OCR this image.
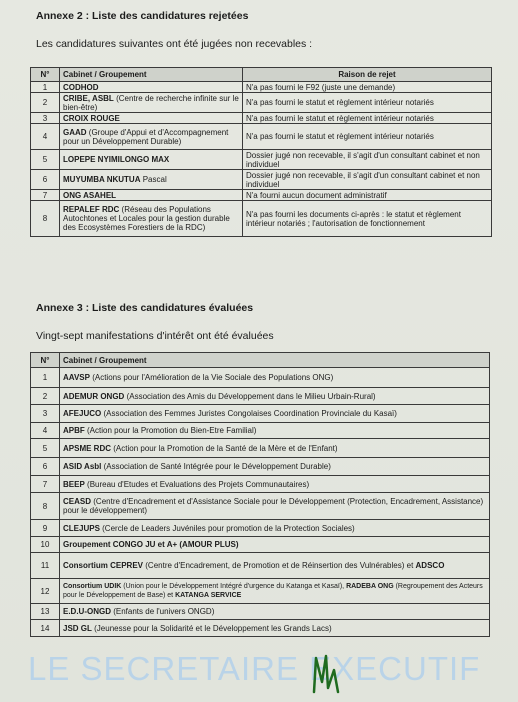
Annexe 2 : Liste des candidatures rejetées
Les candidatures suivantes ont été jugées non recevables :
N°	Cabinet / Groupement	Raison de rejet
1	CODHOD	N'a pas fourni le F92 (juste une demande)
2	CRIBE, ASBL (Centre de recherche infinite sur le bien-être)	N'a pas fourni le statut et règlement intérieur notariés
3	CROIX ROUGE	N'a pas fourni le statut et règlement intérieur notariés
4	GAAD (Groupe d'Appui et d'Accompagnement pour un Développement Durable)	N'a pas fourni le statut et règlement intérieur notariés
5	LOPEPE NYIMILONGO MAX	Dossier jugé non recevable, il s'agit d'un consultant cabinet et non individuel
6	MUYUMBA NKUTUA Pascal	Dossier jugé non recevable, il s'agit d'un consultant cabinet et non individuel
7	ONG ASAHEL	N'a fourni aucun document administratif
8	REPALEF RDC (Réseau des Populations Autochtones et Locales pour la gestion durable des Ecosystèmes Forestiers de la RDC)	N'a pas fourni les documents ci-après : le statut et règlement intérieur notariés ; l'autorisation de fonctionnement
Annexe 3 : Liste des candidatures évaluées
Vingt-sept manifestations d'intérêt ont été évaluées
N°	Cabinet / Groupement
1	AAVSP (Actions pour l'Amélioration de la Vie Sociale des Populations ONG)
2	ADEMUR ONGD (Association des Amis du Développement dans le Milieu Urbain-Rural)
3	AFEJUCO (Association des Femmes Juristes Congolaises Coordination Provinciale du Kasaï)
4	APBF (Action pour la Promotion du Bien-Etre Familial)
5	APSME RDC (Action pour la Promotion de la Santé de la Mère et de l'Enfant)
6	ASID Asbl (Association de Santé Intégrée pour le Développement Durable)
7	BEEP (Bureau d'Etudes et Evaluations des Projets Communautaires)
8	CEASD (Centre d'Encadrement et d'Assistance Sociale pour le Développement (Protection, Encadrement, Assistance) pour le développement)
9	CLEJUPS (Cercle de Leaders Juvéniles pour promotion de la Protection Sociales)
10	Groupement CONGO JU et A+ (AMOUR PLUS)
11	Consortium CEPREV (Centre d'Encadrement, de Promotion et de Réinsertion des Vulnérables) et ADSCO
12	Consortium UDIK (Union pour le Développement Intégré d'urgence du Katanga et Kasaï), RADEBA ONG (Regroupement des Acteurs pour le Développement de Base) et KATANGA SERVICE
13	E.D.U-ONGD (Enfants de l'univers ONGD)
14	JSD GL (Jeunesse pour la Solidarité et le Développement les Grands Lacs)
LE SECRETAIRE EXECUTIF
